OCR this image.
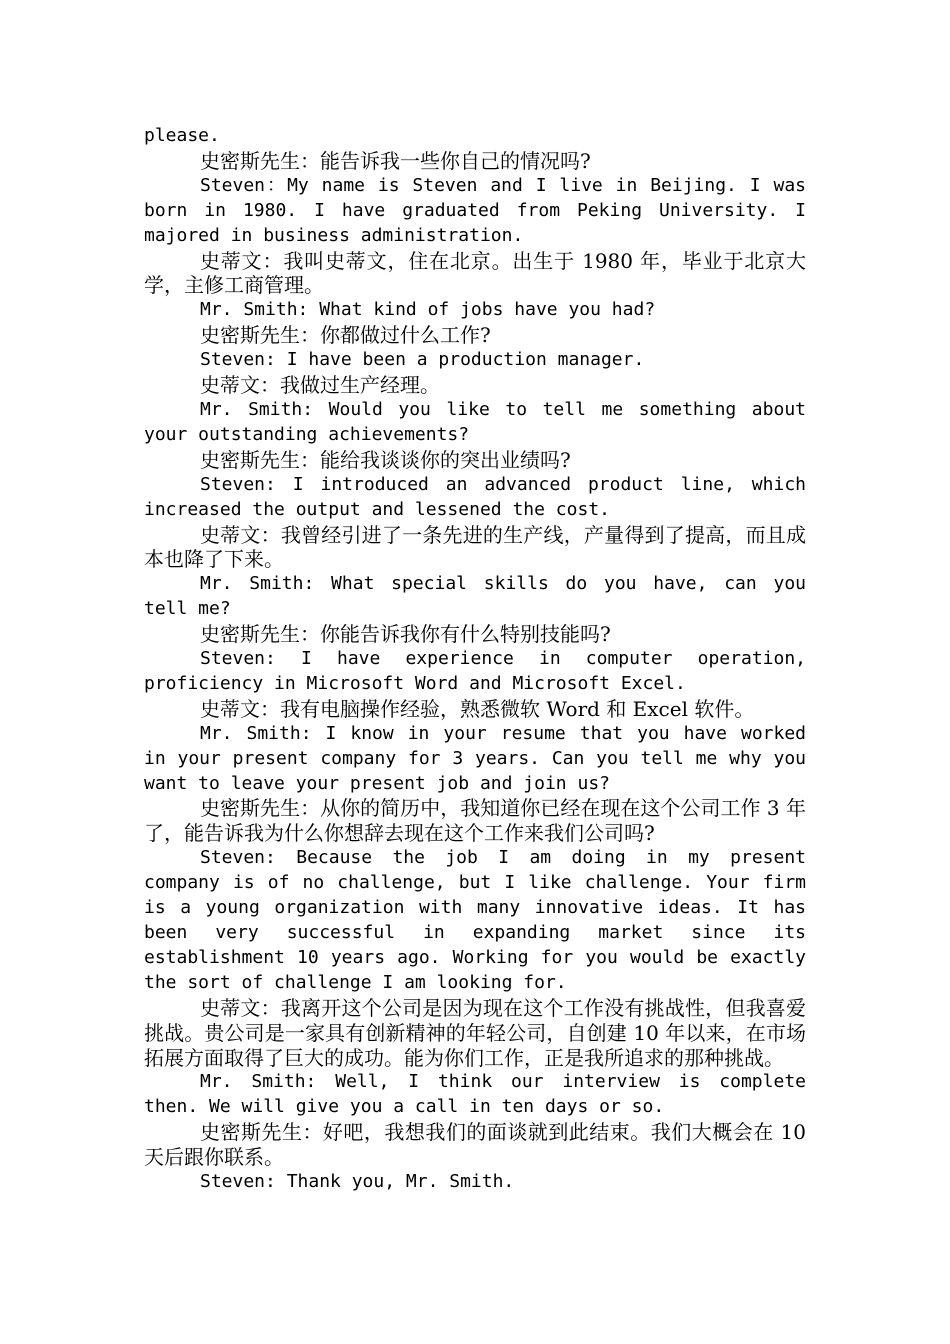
please.

史密斯先生：能告诉我一些你自己的情况吗?

Steven：My name is Steven and I live in Beijing. I was born in 1980. I have graduated from Peking University. I majored in business administration.

史蒂文：我叫史蒂文，住在北京。出生于 1980 年，毕业于北京大学，主修工商管理。

Mr. Smith: What kind of jobs have you had?

史密斯先生：你都做过什么工作?

Steven: I have been a production manager.

史蒂文：我做过生产经理。

Mr. Smith: Would you like to tell me something about your outstanding achievements?

史密斯先生：能给我谈谈你的突出业绩吗?

Steven: I introduced an advanced product line, which increased the output and lessened the cost.

史蒂文：我曾经引进了一条先进的生产线，产量得到了提高，而且成本也降了下来。

Mr. Smith: What special skills do you have, can you tell me?

史密斯先生：你能告诉我你有什么特别技能吗?

Steven: I have experience in computer operation, proficiency in Microsoft Word and Microsoft Excel.

史蒂文：我有电脑操作经验，熟悉微软 Word 和 Excel 软件。

Mr. Smith: I know in your resume that you have worked in your present company for 3 years. Can you tell me why you want to leave your present job and join us?

史密斯先生：从你的简历中，我知道你已经在现在这个公司工作 3 年了，能告诉我为什么你想辞去现在这个工作来我们公司吗?

Steven: Because the job I am doing in my present company is of no challenge, but I like challenge. Your firm is a young organization with many innovative ideas. It has been very successful in expanding market since its establishment 10 years ago. Working for you would be exactly the sort of challenge I am looking for.

史蒂文：我离开这个公司是因为现在这个工作没有挑战性，但我喜爱挑战。贵公司是一家具有创新精神的年轻公司，自创建 10 年以来，在市场拓展方面取得了巨大的成功。能为你们工作，正是我所追求的那种挑战。

Mr. Smith: Well, I think our interview is complete then. We will give you a call in ten days or so.

史密斯先生：好吧，我想我们的面谈就到此结束。我们大概会在 10 天后跟你联系。

Steven: Thank you, Mr. Smith.
